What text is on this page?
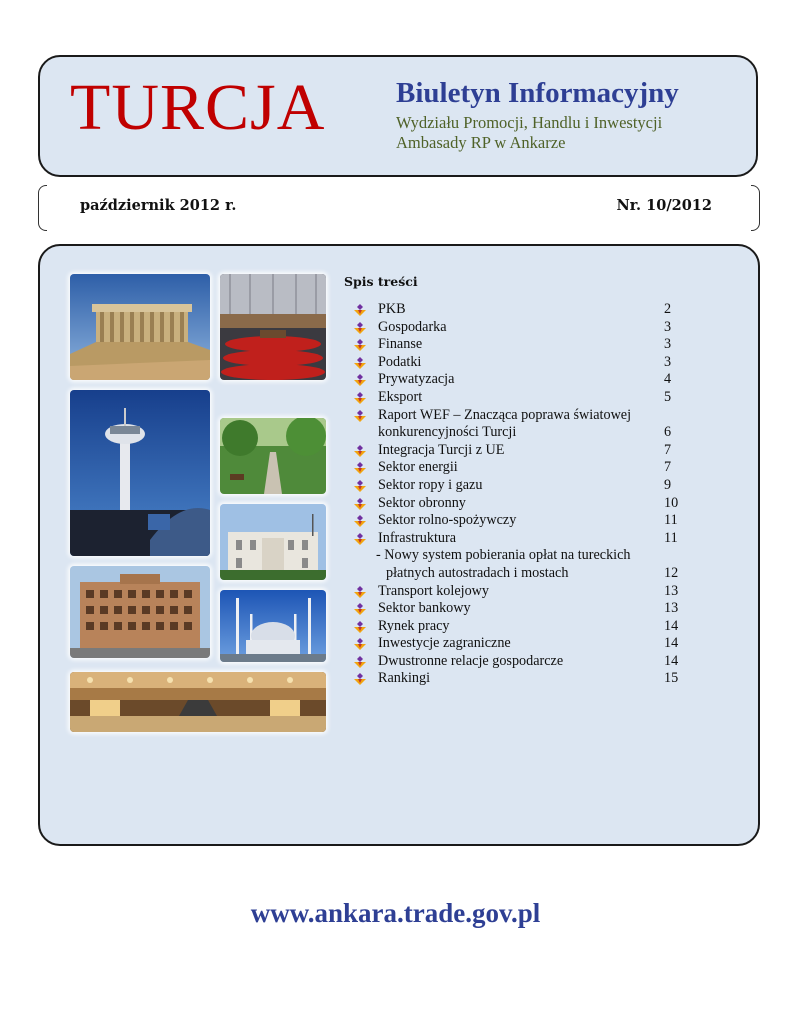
TURCJA Biuletyn Informacyjny
Wydziału Promocji, Handlu i Inwestycji
Ambasady RP w Ankarze
październik 2012 r.	Nr. 10/2012
Spis treści
PKB	2
Gospodarka	3
Finanse	3
Podatki	3
Prywatyzacja	4
Eksport	5
Raport WEF – Znacząca poprawa światowej konkurencyjności Turcji	6
Integracja Turcji z UE	7
Sektor energii	7
Sektor ropy i gazu	9
Sektor obronny	10
Sektor rolno-spożywczy	11
Infrastruktura	11
- Nowy system pobierania opłat na tureckich
płatnych autostradach i mostach	12
Transport kolejowy	13
Sektor bankowy	13
Rynek pracy	14
Inwestycje zagraniczne	14
Dwustronne relacje gospodarcze	14
Rankingi	15
www.ankara.trade.gov.pl
